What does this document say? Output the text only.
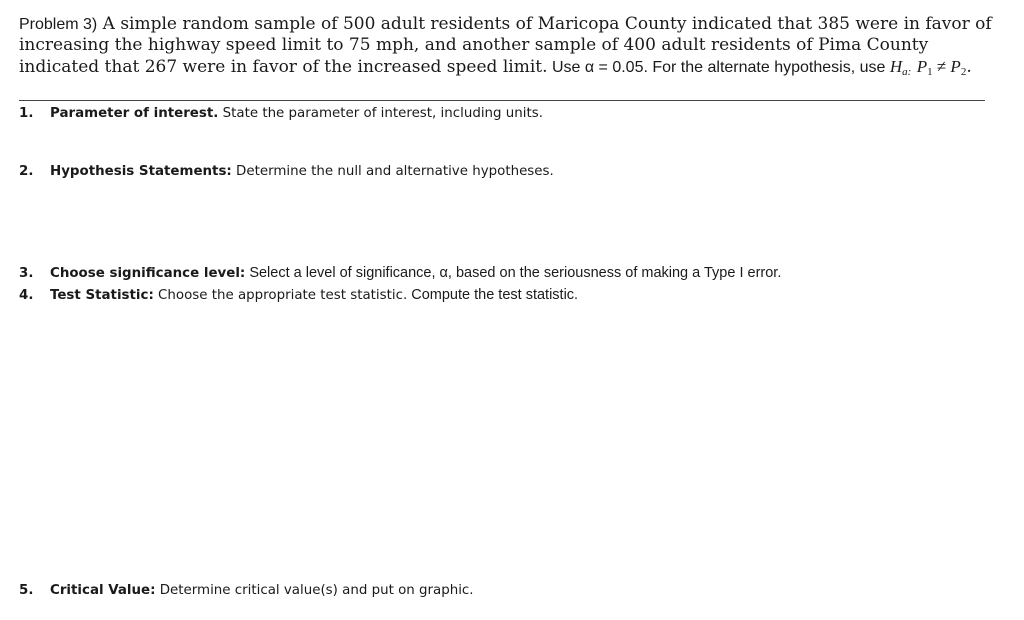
Problem 3) A simple random sample of 500 adult residents of Maricopa County indicated that 385 were in favor of increasing the highway speed limit to 75 mph, and another sample of 400 adult residents of Pima County indicated that 267 were in favor of the increased speed limit. Use α = 0.05. For the alternate hypothesis, use Ha: $P_1 \ne P_2$.
1. Parameter of interest. State the parameter of interest, including units.
2. Hypothesis Statements: Determine the null and alternative hypotheses.
3. Choose significance level: Select a level of significance, α, based on the seriousness of making a Type I error.
4. Test Statistic: Choose the appropriate test statistic. Compute the test statistic.
5. Critical Value: Determine critical value(s) and put on graphic.
